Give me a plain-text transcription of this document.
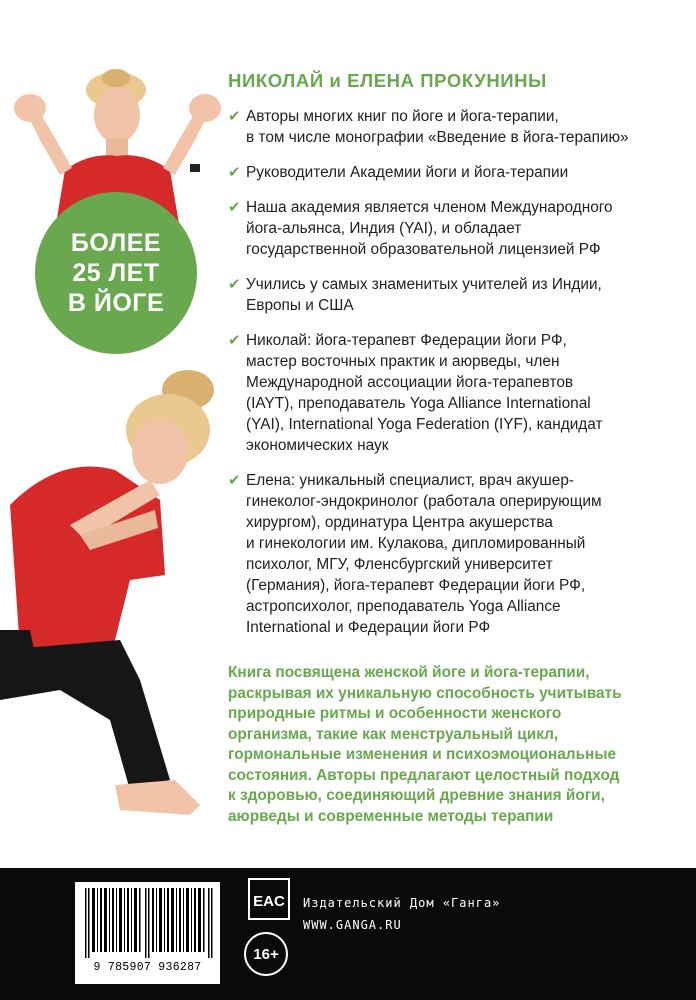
БОЛЕЕ
25 ЛЕТ
В ЙОГЕ
НИКОЛАЙ и ЕЛЕНА ПРОКУНИНЫ
✔ Авторы многих книг по йоге и йога-терапии,
в том числе монографии «Введение в йога-терапию»
✔ Руководители Академии йоги и йога-терапии
✔ Наша академия является членом Международного
йога-альянса, Индия (YAI), и обладает
государственной образовательной лицензией РФ
✔ Учились у самых знаменитых учителей из Индии,
Европы и США
✔ Николай: йога-терапевт Федерации йоги РФ,
мастер восточных практик и аюрведы, член
Международной ассоциации йога-терапевтов
(IAYT), преподаватель Yoga Alliance International
(YAI), International Yoga Federation (IYF), кандидат
экономических наук
✔ Елена: уникальный специалист, врач акушер-
гинеколог-эндокринолог (работала оперирующим
хирургом), ординатура Центра акушерства
и гинекологии им. Кулакова, дипломированный
психолог, МГУ, Фленсбургский университет
(Германия), йога-терапевт Федерации йоги РФ,
астропсихолог, преподаватель Yoga Alliance
International и Федерации йоги РФ
Книга посвящена женской йоге и йога-терапии,
раскрывая их уникальную способность учитывать
природные ритмы и особенности женского
организма, такие как менструальный цикл,
гормональные изменения и психоэмоциональные
состояния. Авторы предлагают целостный подход
к здоровью, соединяющий древние знания йоги,
аюрведы и современные методы терапии
9 785907 936287
EAC
16+
Издательский Дом «Ганга»
WWW.GANGA.RU
